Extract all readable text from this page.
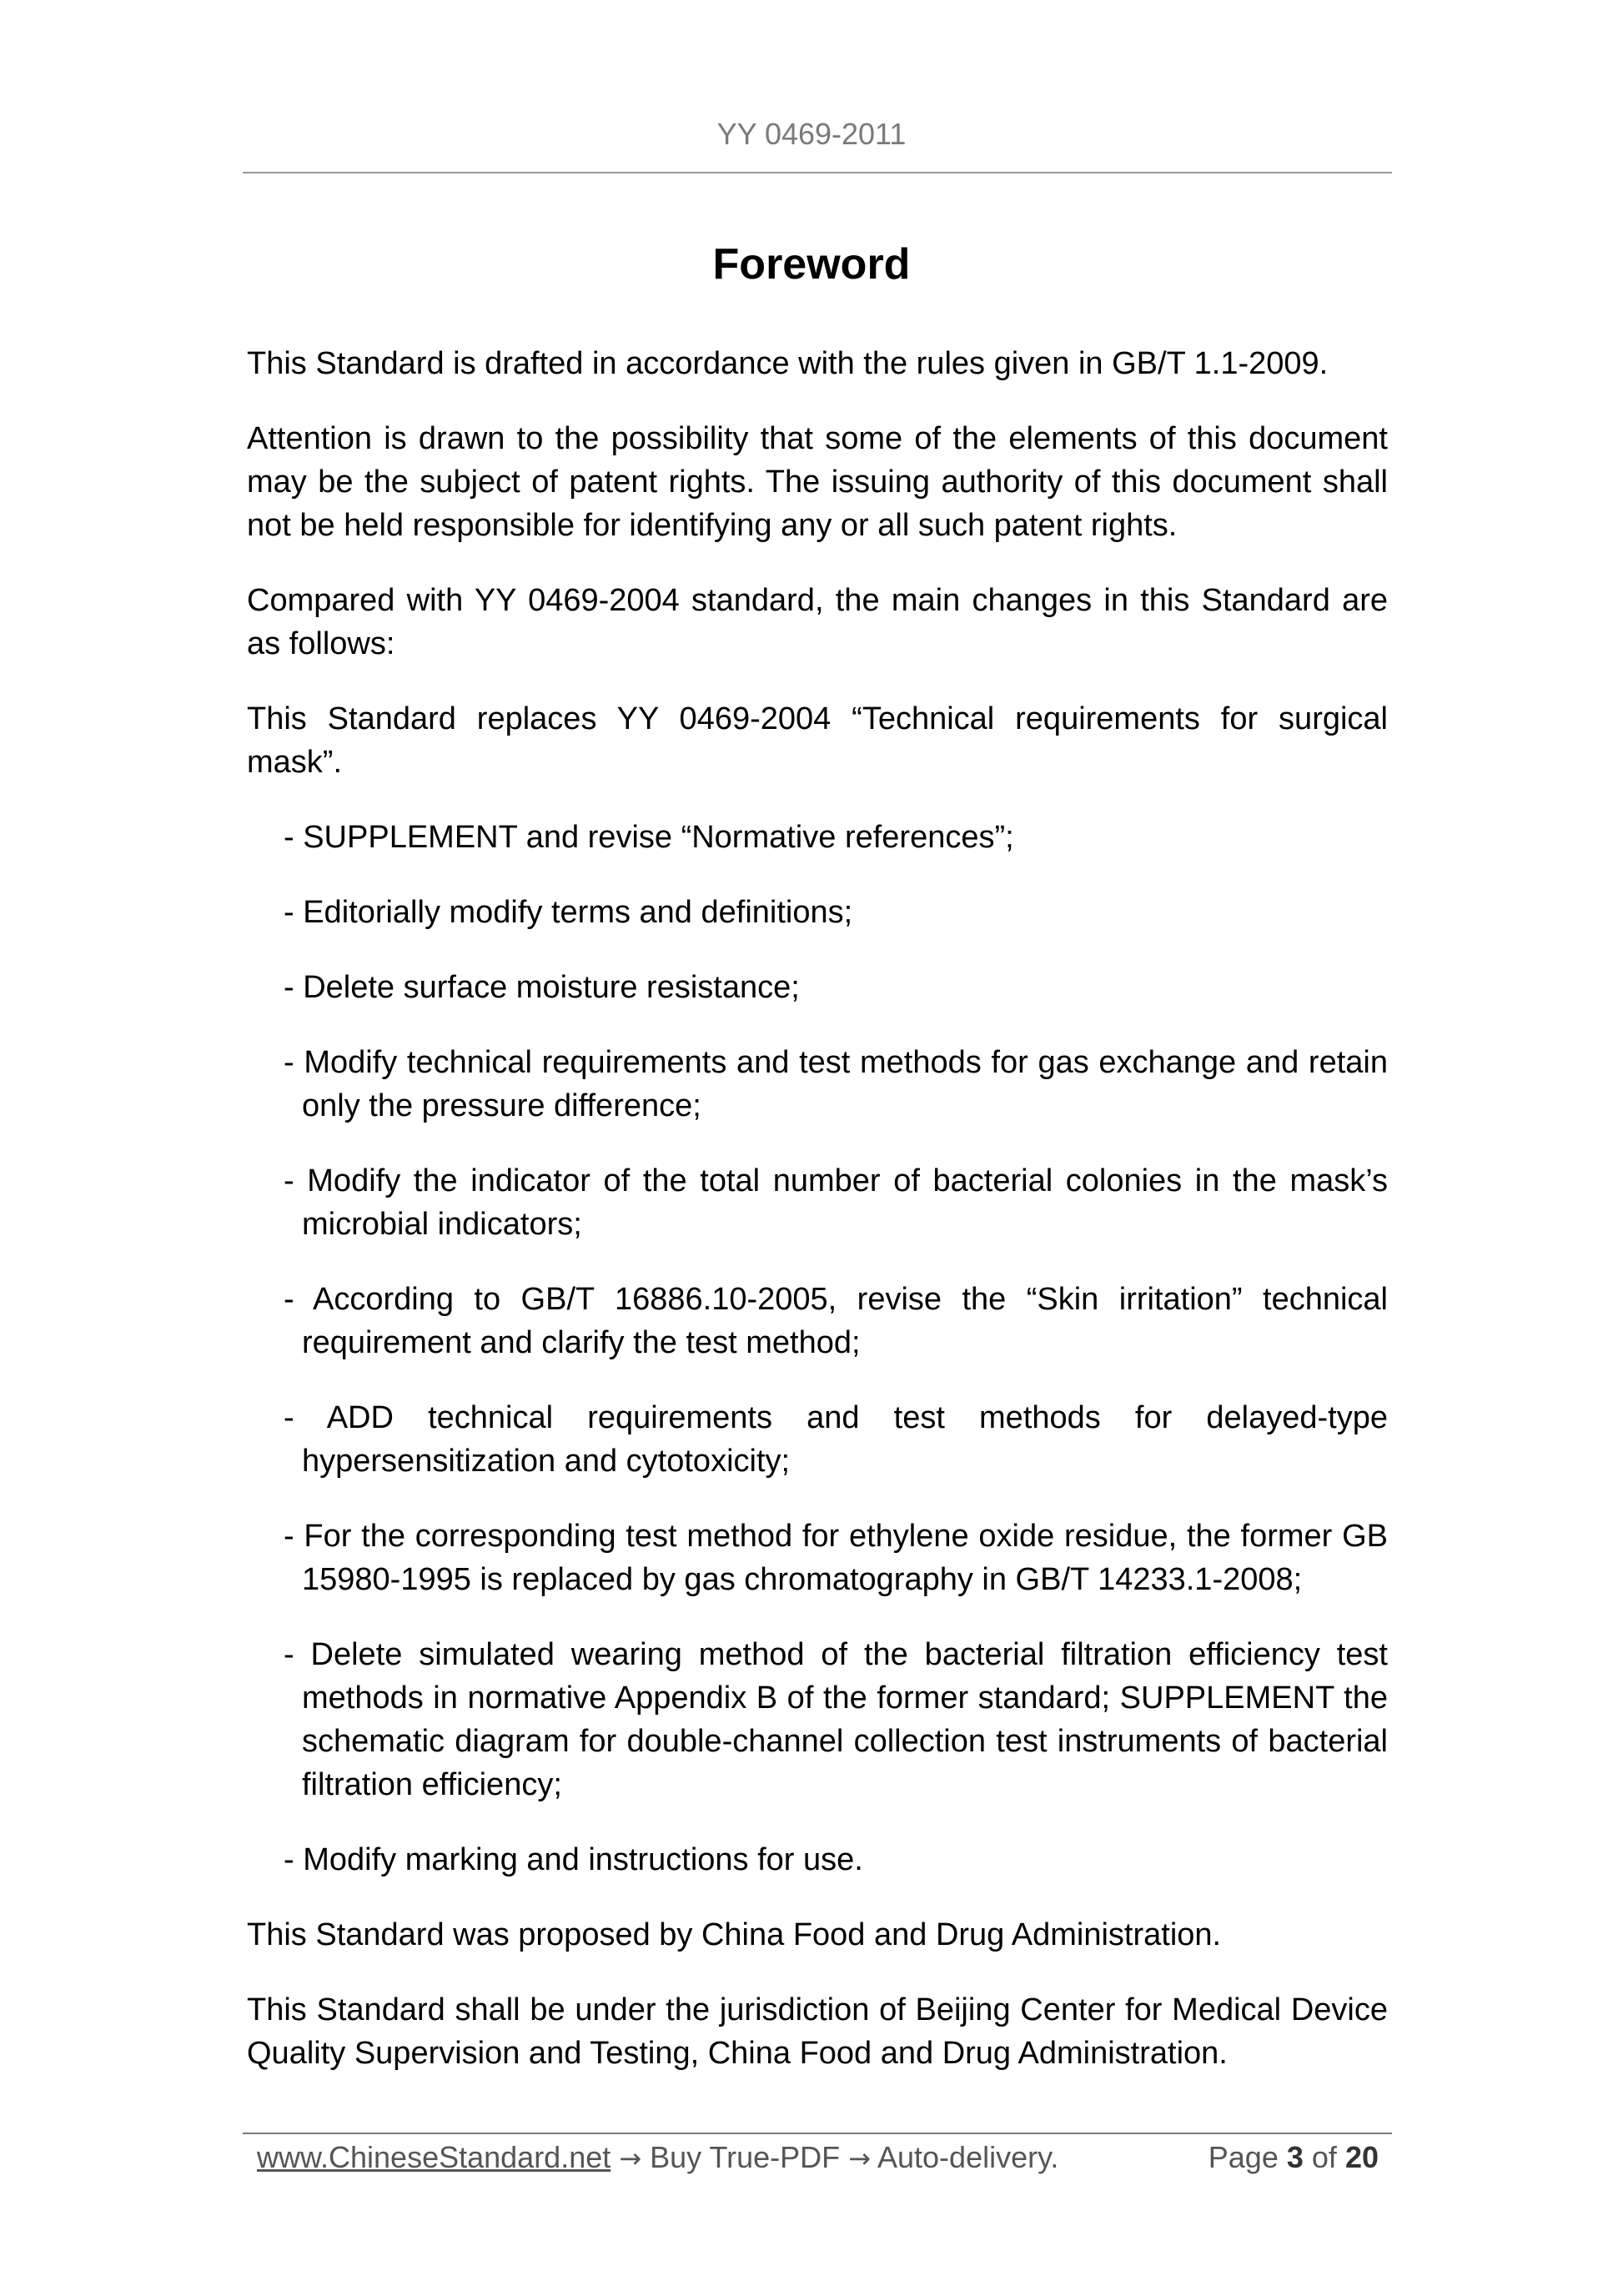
YY 0469-2011
Foreword

This Standard is drafted in accordance with the rules given in GB/T 1.1-2009.

Attention is drawn to the possibility that some of the elements of this document may be the subject of patent rights. The issuing authority of this document shall not be held responsible for identifying any or all such patent rights.

Compared with YY 0469-2004 standard, the main changes in this Standard are as follows:

This Standard replaces YY 0469-2004 “Technical requirements for surgical mask”.

- SUPPLEMENT and revise “Normative references”;
- Editorially modify terms and definitions;
- Delete surface moisture resistance;
- Modify technical requirements and test methods for gas exchange and retain only the pressure difference;
- Modify the indicator of the total number of bacterial colonies in the mask’s microbial indicators;
- According to GB/T 16886.10-2005, revise the “Skin irritation” technical requirement and clarify the test method;
- ADD technical requirements and test methods for delayed-type hypersensitization and cytotoxicity;
- For the corresponding test method for ethylene oxide residue, the former GB 15980-1995 is replaced by gas chromatography in GB/T 14233.1-2008;
- Delete simulated wearing method of the bacterial filtration efficiency test methods in normative Appendix B of the former standard; SUPPLEMENT the schematic diagram for double-channel collection test instruments of bacterial filtration efficiency;
- Modify marking and instructions for use.

This Standard was proposed by China Food and Drug Administration.

This Standard shall be under the jurisdiction of Beijing Center for Medical Device Quality Supervision and Testing, China Food and Drug Administration.

www.ChineseStandard.net → Buy True-PDF → Auto-delivery.	Page 3 of 20
